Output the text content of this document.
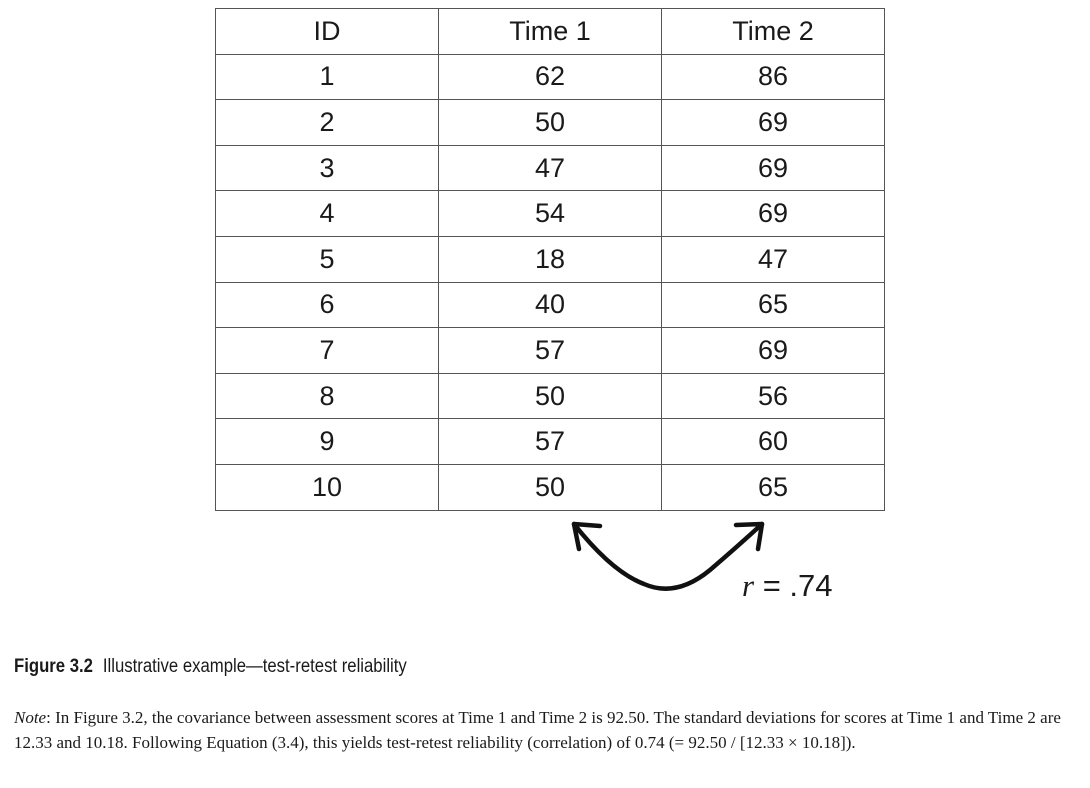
ID	Time 1	Time 2
1	62	86
2	50	69
3	47	69
4	54	69
5	18	47
6	40	65
7	57	69
8	50	56
9	57	60
10	50	65
r = .74
Figure 3.2 Illustrative example—test-retest reliability

Note: In Figure 3.2, the covariance between assessment scores at Time 1 and Time 2 is 92.50. The standard deviations for scores at Time 1 and Time 2 are 12.33 and 10.18. Following Equation (3.4), this yields test-retest reliability (correlation) of 0.74 (= 92.50 / [12.33 × 10.18]).
